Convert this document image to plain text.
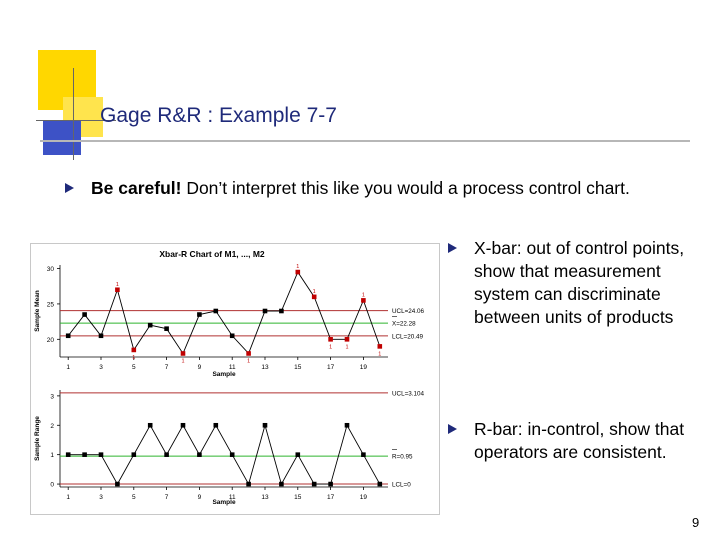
Gage R&R : Example 7-7
Be careful! Don’t interpret this like you would a process control chart.
X-bar: out of control points, show that measurement system can discriminate between units of products
R-bar: in-control, show that operators are consistent.
Xbar-R Chart of M1, ..., M2
20
25
30
1	3	5	7	9	11	13	15	17	19
Sample
Sample Mean	UCL=24.06
X=22.28
LCL=20.49
1
1
1	1
1
1
1 1
1
1
0
1
2
3
1	3	5	7	9	11	13	15	17	19
Sample
Sample Range
UCL=3.104
R=0.95
LCL=0
9
